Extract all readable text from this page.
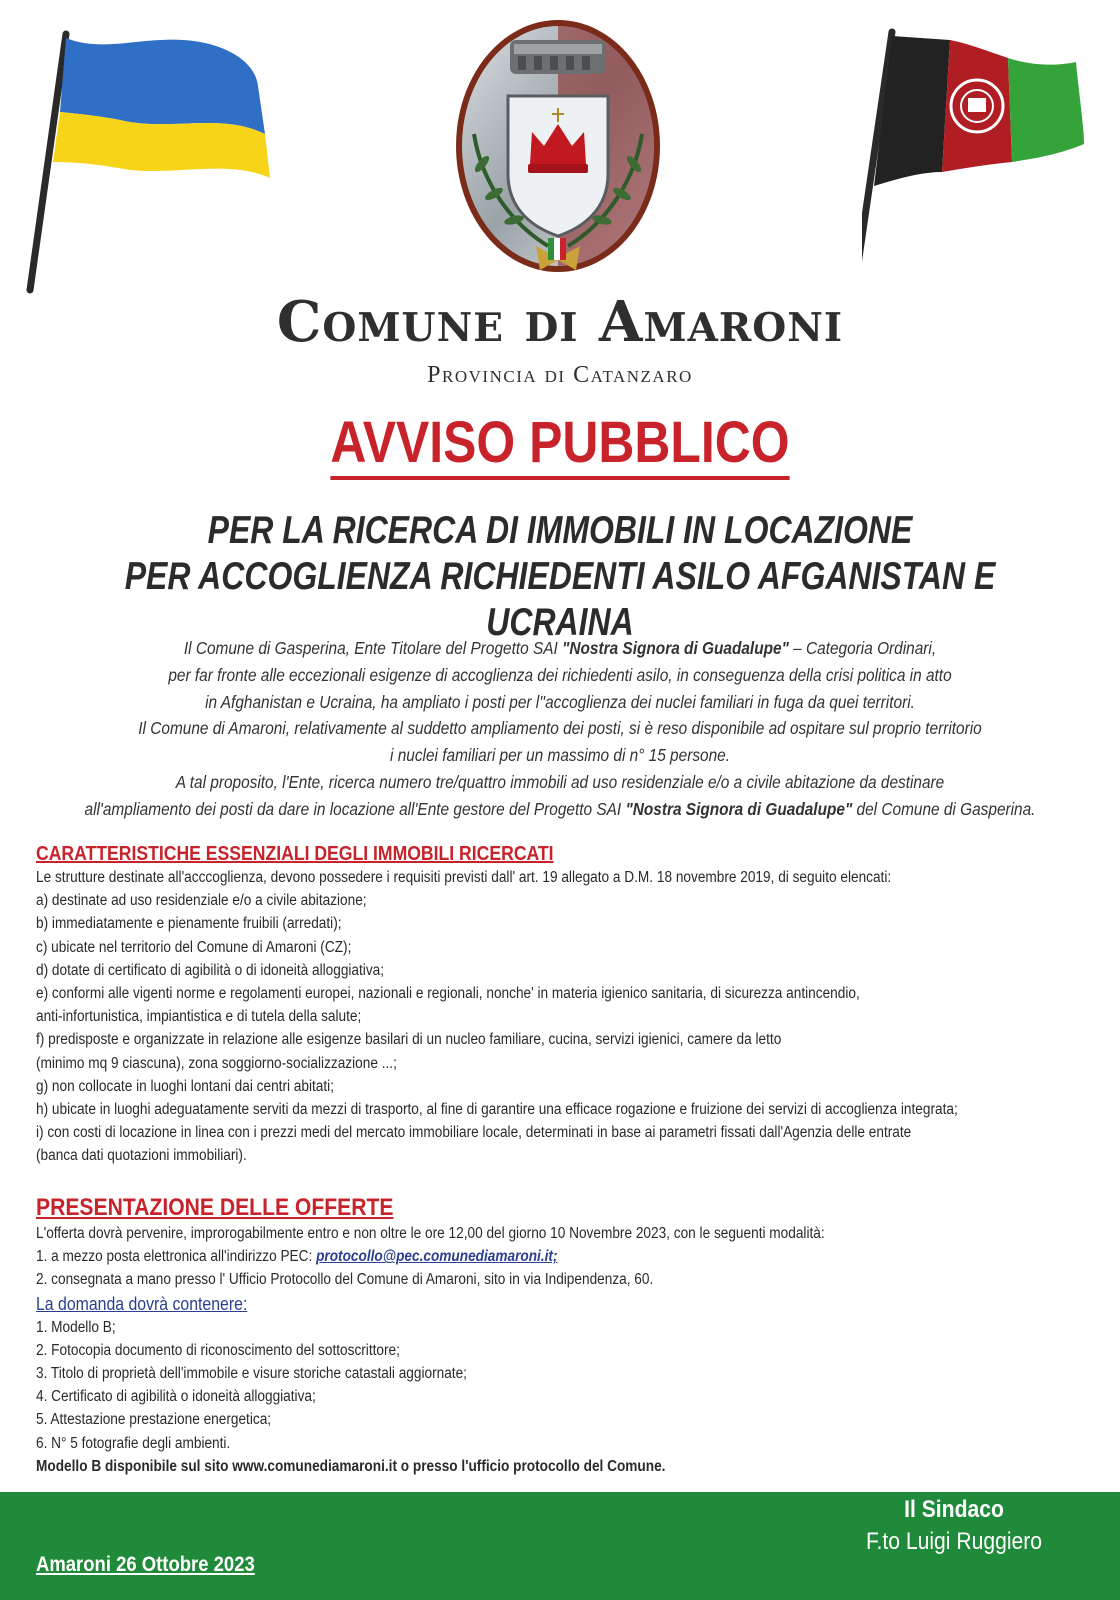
Comune di Amaroni
Provincia di Catanzaro
AVVISO PUBBLICO
PER LA RICERCA DI IMMOBILI IN LOCAZIONE
PER ACCOGLIENZA RICHIEDENTI ASILO AFGANISTAN E UCRAINA
Il Comune di Gasperina, Ente Titolare del Progetto SAI "Nostra Signora di Guadalupe" – Categoria Ordinari,
per far fronte alle eccezionali esigenze di accoglienza dei richiedenti asilo, in conseguenza della crisi politica in atto
in Afghanistan e Ucraina, ha ampliato i posti per l''accoglienza dei nuclei familiari in fuga da quei territori.
Il Comune di Amaroni, relativamente al suddetto ampliamento dei posti, si è reso disponibile ad ospitare sul proprio territorio
i nuclei familiari per un massimo di n° 15 persone.
A tal proposito, l'Ente, ricerca numero tre/quattro immobili ad uso residenziale e/o a civile abitazione da destinare
all'ampliamento dei posti da dare in locazione all'Ente gestore del Progetto SAI "Nostra Signora di Guadalupe" del Comune di Gasperina.
CARATTERISTICHE ESSENZIALI DEGLI IMMOBILI RICERCATI
Le strutture destinate all'acccoglienza, devono possedere i requisiti previsti dall' art. 19 allegato a D.M. 18 novembre 2019, di seguito elencati:
a) destinate ad uso residenziale e/o a civile abitazione;
b) immediatamente e pienamente fruibili (arredati);
c) ubicate nel territorio del Comune di Amaroni (CZ);
d) dotate di certificato di agibilità o di idoneità alloggiativa;
e) conformi alle vigenti norme e regolamenti europei, nazionali e regionali, nonche' in materia igienico sanitaria, di sicurezza antincendio,
anti-infortunistica, impiantistica e di tutela della salute;
f) predisposte e organizzate in relazione alle esigenze basilari di un nucleo familiare, cucina, servizi igienici, camere da letto
(minimo mq 9 ciascuna), zona soggiorno-socializzazione ...;
g) non collocate in luoghi lontani dai centri abitati;
h) ubicate in luoghi adeguatamente serviti da mezzi di trasporto, al fine di garantire una efficace rogazione e fruizione dei servizi di accoglienza integrata;
i) con costi di locazione in linea con i prezzi medi del mercato immobiliare locale, determinati in base ai parametri fissati dall'Agenzia delle entrate
(banca dati quotazioni immobiliari).
PRESENTAZIONE DELLE OFFERTE
L'offerta dovrà pervenire, improrogabilmente entro e non oltre le ore 12,00 del giorno 10 Novembre 2023, con le seguenti modalità:
1. a mezzo posta elettronica all'indirizzo PEC: protocollo@pec.comunediamaroni.it;
2. consegnata a mano presso l' Ufficio Protocollo del Comune di Amaroni, sito in via Indipendenza, 60.
La domanda dovrà contenere:
1. Modello B;
2. Fotocopia documento di riconoscimento del sottoscrittore;
3. Titolo di proprietà dell'immobile e visure storiche catastali aggiornate;
4. Certificato di agibilità o idoneità alloggiativa;
5. Attestazione prestazione energetica;
6. N° 5 fotografie degli ambienti.
Modello B disponibile sul sito www.comunediamaroni.it o presso l'ufficio protocollo del Comune.
Amaroni 26 Ottobre 2023
Il Sindaco
F.to Luigi Ruggiero
